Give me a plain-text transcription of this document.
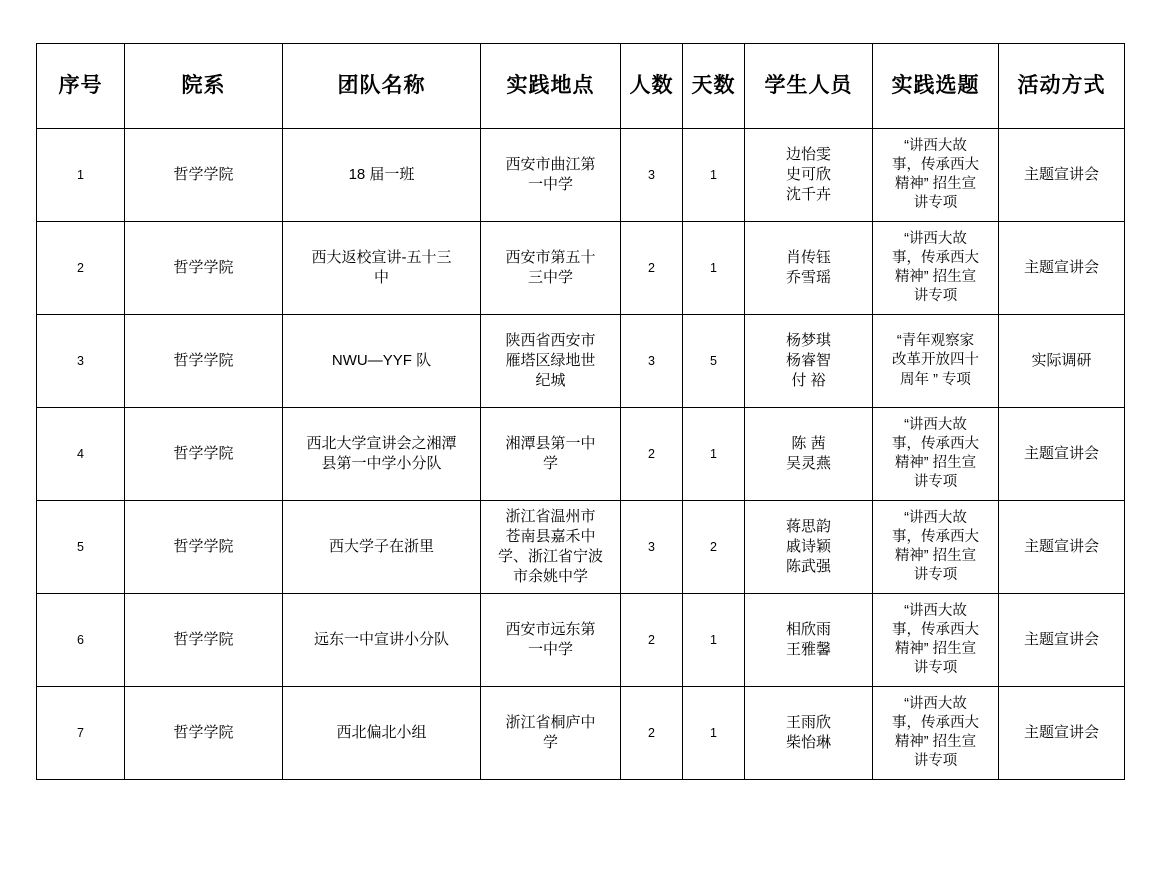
序号	院系	团队名称	实践地点	人数	天数	学生人员	实践选题	活动方式
1	哲学学院	18 届一班	西安市曲江第
一中学	3	1	边怡雯
史可欣
沈千卉	“讲西大故
事，传承西大
精神” 招生宣
讲专项	主题宣讲会

2	哲学学院	西大返校宣讲-五十三
中	西安市第五十
三中学	2	1	肖传钰
乔雪瑶	“讲西大故
事，传承西大
精神” 招生宣
讲专项	主题宣讲会

3	哲学学院	NWU—YYF 队	陕西省西安市
雁塔区绿地世
纪城	3	5	杨梦琪
杨睿智
付 裕	“青年观察家
改革开放四十
周年 ” 专项	实际调研

4	哲学学院	西北大学宣讲会之湘潭
县第一中学小分队	湘潭县第一中
学	2	1	陈 茜
吴灵燕	“讲西大故
事，传承西大
精神” 招生宣
讲专项	主题宣讲会

5	哲学学院	西大学子在浙里	浙江省温州市
苍南县嘉禾中
学、浙江省宁波
市余姚中学	3	2	蒋思韵
戚诗颖
陈武强	“讲西大故
事，传承西大
精神” 招生宣
讲专项	主题宣讲会

6	哲学学院	远东一中宣讲小分队	西安市远东第
一中学	2	1	相欣雨
王雅馨	“讲西大故
事，传承西大
精神” 招生宣
讲专项	主题宣讲会

7	哲学学院	西北偏北小组	浙江省桐庐中
学	2	1	王雨欣
柴怡琳	“讲西大故
事，传承西大
精神” 招生宣
讲专项	主题宣讲会
